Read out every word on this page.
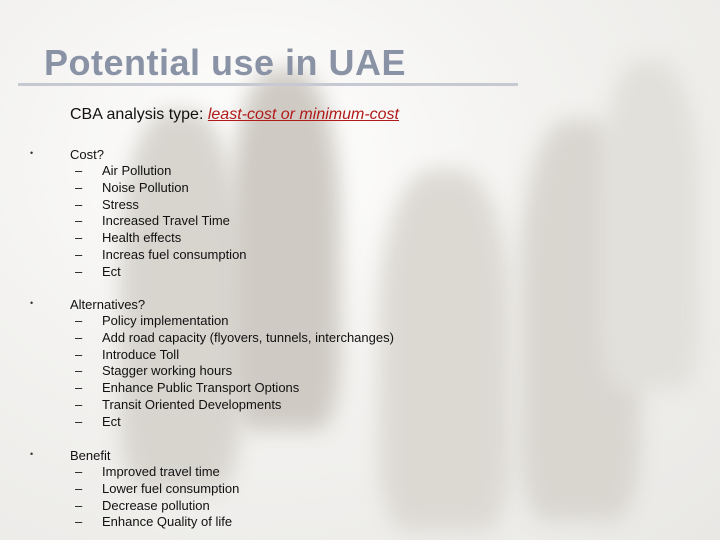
Potential use in UAE
CBA analysis type: least-cost or minimum-cost
•	Cost?
– Air Pollution
– Noise Pollution
– Stress
– Increased Travel Time
– Health effects
– Increas fuel consumption
– Ect
•	Alternatives?
– Policy implementation
– Add road capacity (flyovers, tunnels, interchanges)
– Introduce Toll
– Stagger working hours
– Enhance Public Transport Options
– Transit Oriented Developments
– Ect
•	Benefit
– Improved travel time
– Lower fuel consumption
– Decrease pollution
– Enhance Quality of life
